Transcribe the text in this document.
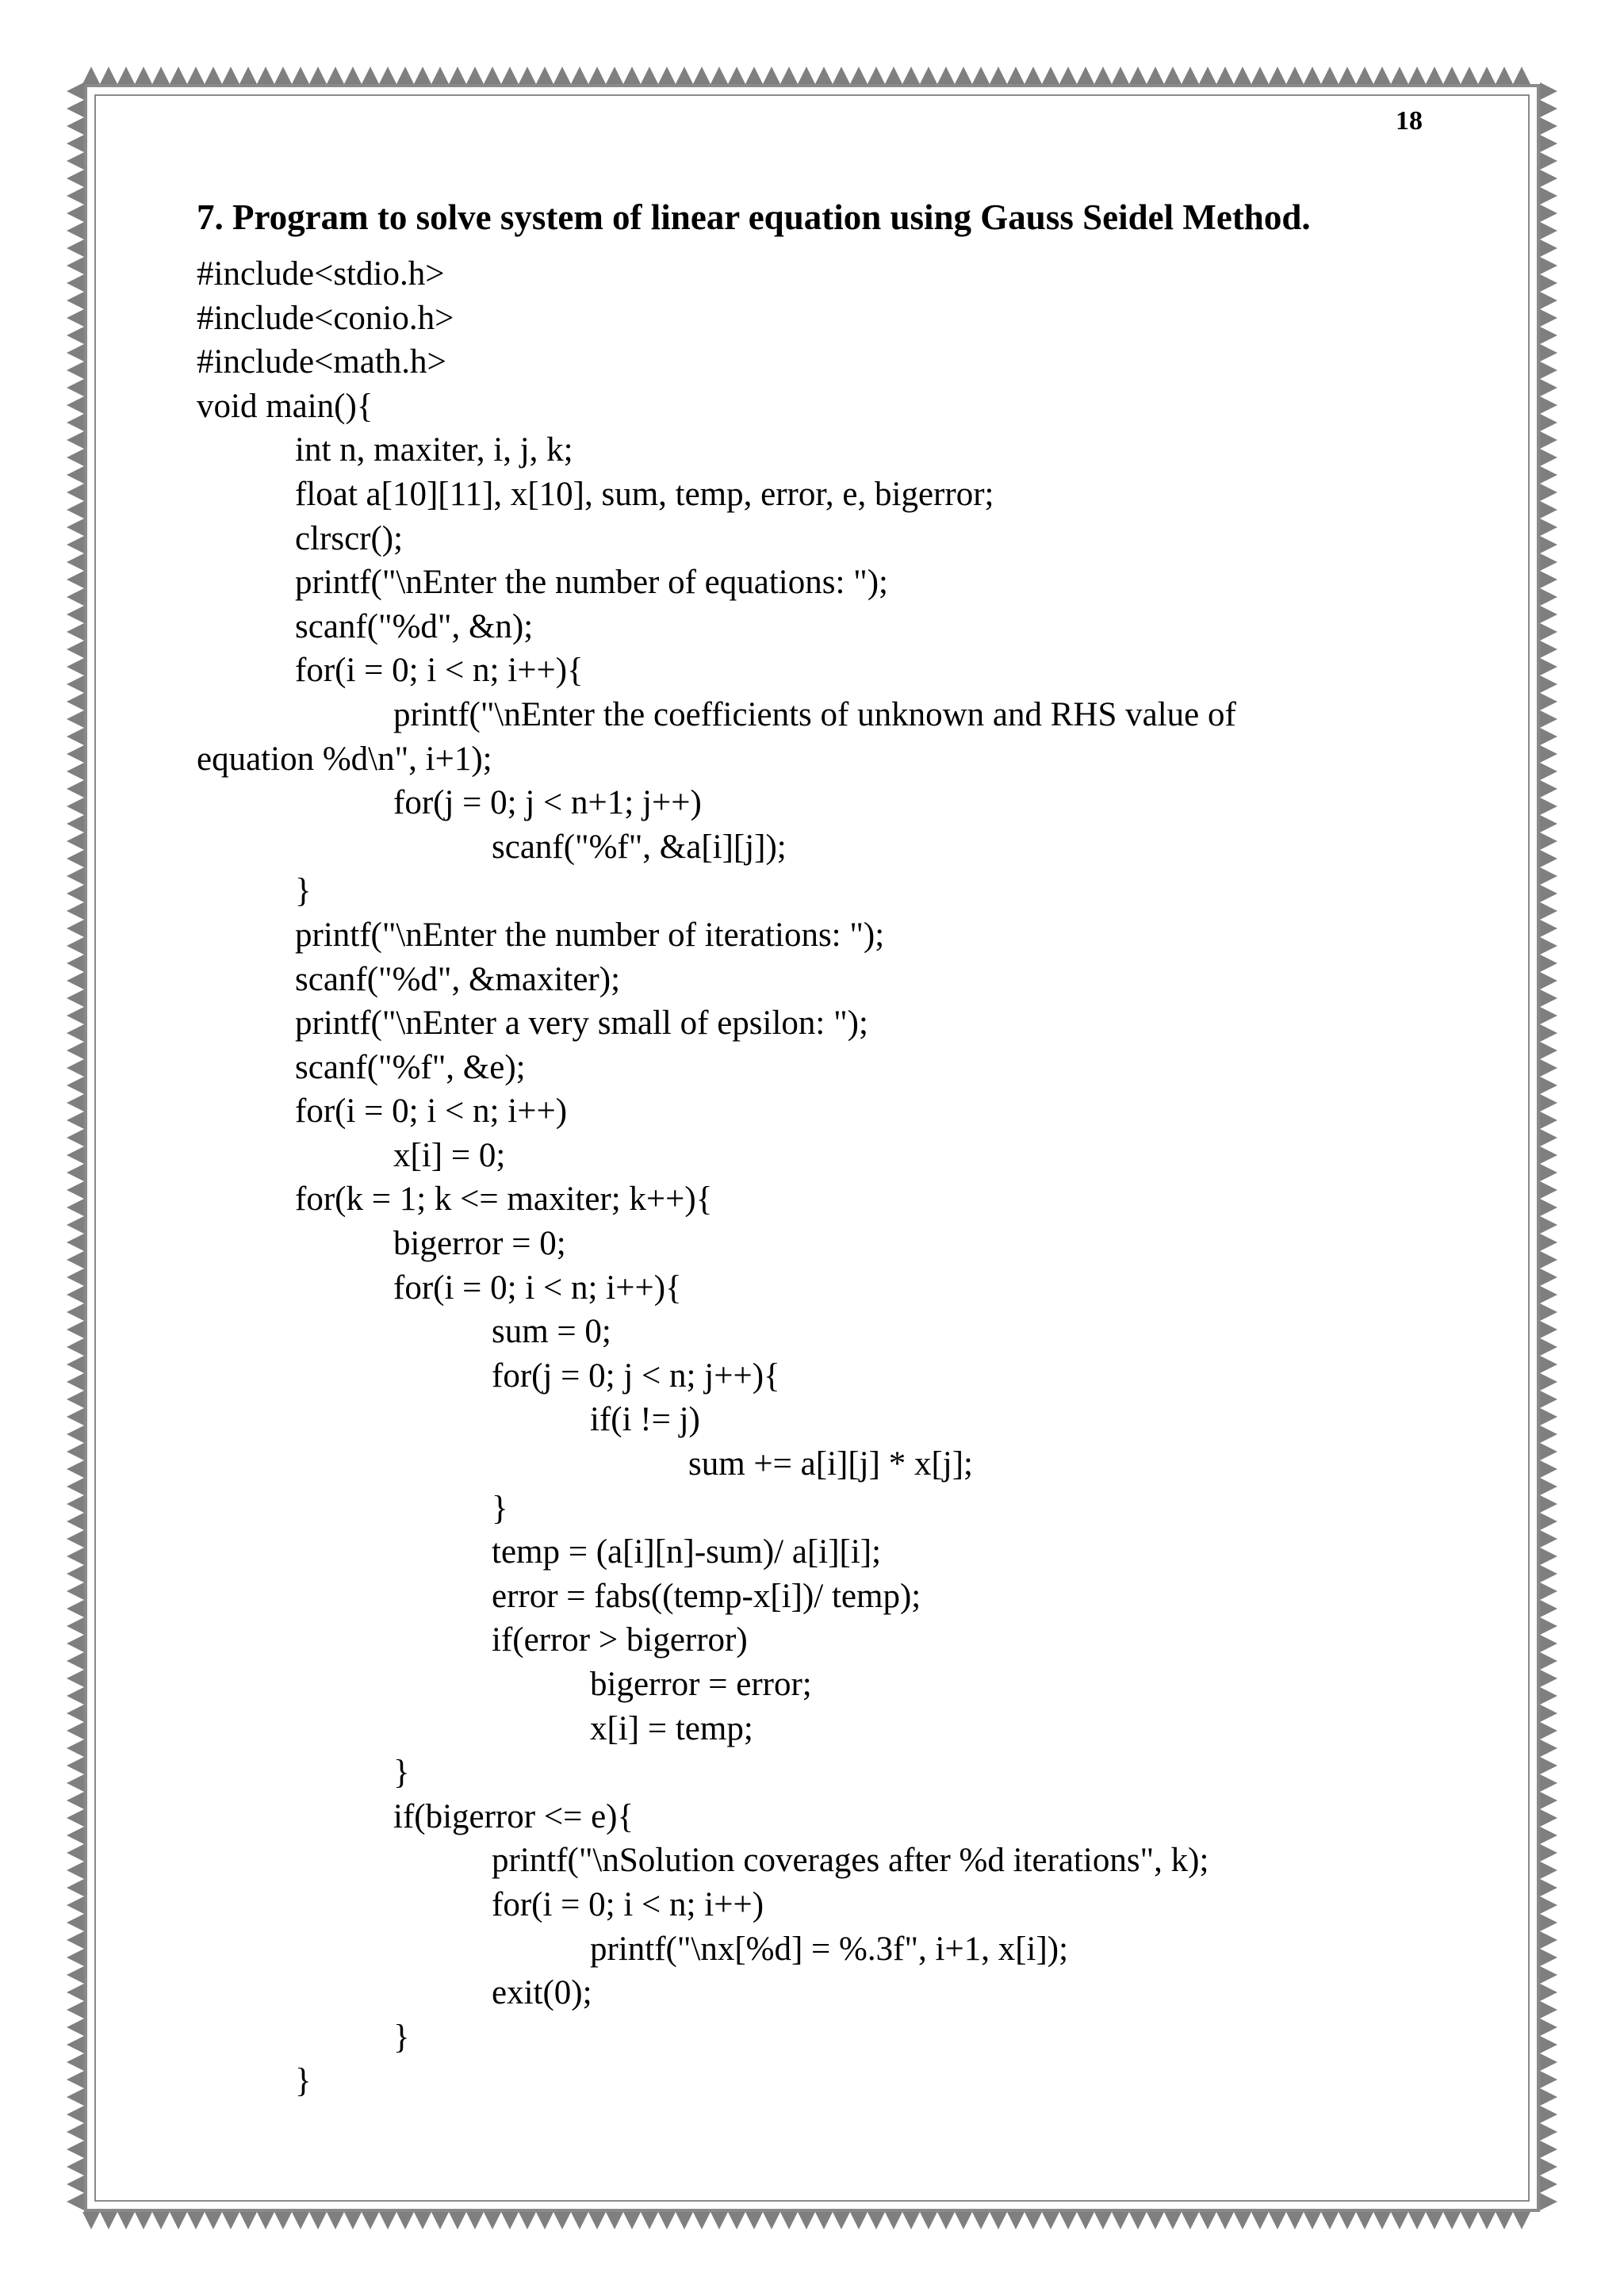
18
7. Program to solve system of linear equation using Gauss Seidel Method.
#include<stdio.h>
#include<conio.h>
#include<math.h>
void main(){
int n, maxiter, i, j, k;
float a[10][11], x[10], sum, temp, error, e, bigerror;
clrscr();
printf("\nEnter the number of equations: ");
scanf("%d", &n);
for(i = 0; i < n; i++){
printf("\nEnter the coefficients of unknown and RHS value of
equation %d\n", i+1);
for(j = 0; j < n+1; j++)
scanf("%f", &a[i][j]);
}
printf("\nEnter the number of iterations: ");
scanf("%d", &maxiter);
printf("\nEnter a very small of epsilon: ");
scanf("%f", &e);
for(i = 0; i < n; i++)
x[i] = 0;
for(k = 1; k <= maxiter; k++){
bigerror = 0;
for(i = 0; i < n; i++){
sum = 0;
for(j = 0; j < n; j++){
if(i != j)
sum += a[i][j] * x[j];
}
temp = (a[i][n]-sum)/ a[i][i];
error = fabs((temp-x[i])/ temp);
if(error > bigerror)
bigerror = error;
x[i] = temp;
}
if(bigerror <= e){
printf("\nSolution coverages after %d iterations", k);
for(i = 0; i < n; i++)
printf("\nx[%d] = %.3f", i+1, x[i]);
exit(0);
}
}
